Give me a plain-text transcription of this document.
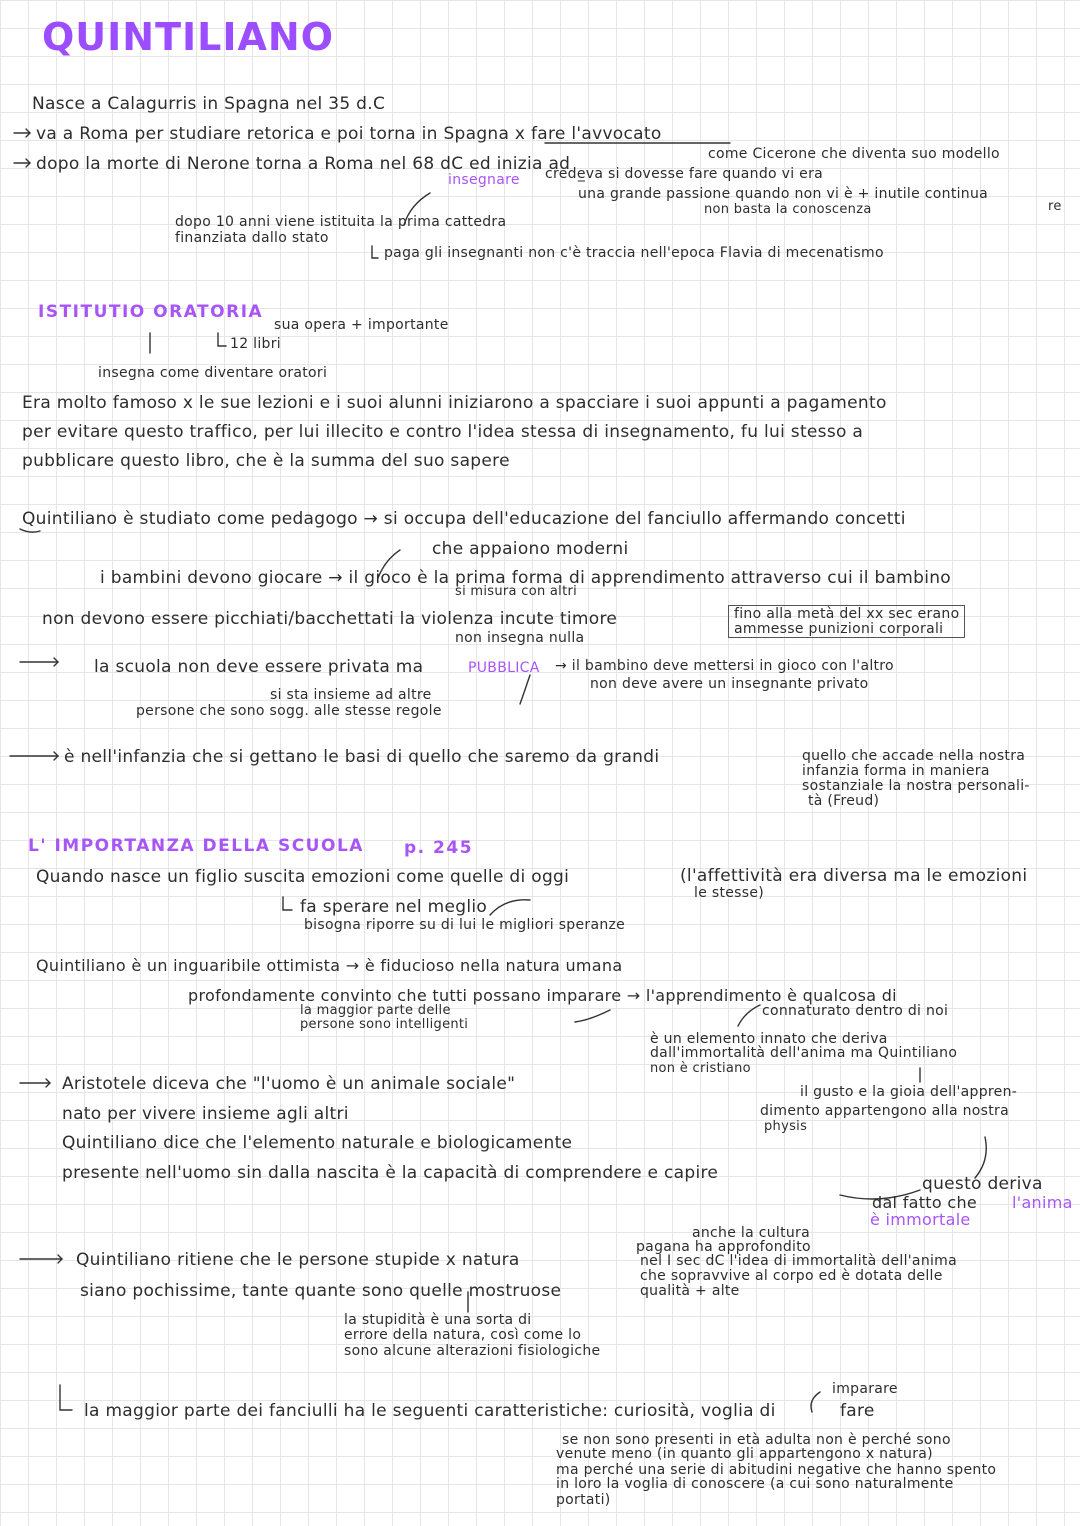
QUINTILIANO
Nasce a Calagurris in Spagna nel 35 d.C
va a Roma per studiare retorica e poi torna in Spagna x fare l'avvocato
dopo la morte di Nerone torna a Roma nel 68 dC ed inizia ad	come Cicerone che diventa suo modello
insegnare crede̲va si dovesse fare quando vi era
una grande passione quando non vi è + inutile continua
re
non basta la conoscenza
dopo 10 anni viene istituita la prima cattedra
finanziata dallo stato
paga gli insegnanti non c'è traccia nell'epoca Flavia di mecenatismo
ISTITUTIO ORATORIA
sua opera + importante
12 libri
insegna come diventare oratori
Era molto famoso x le sue lezioni e i suoi alunni iniziarono a spacciare i suoi appunti a pagamento
per evitare questo traffico, per lui illecito e contro l'idea stessa di insegnamento, fu lui stesso a
pubblicare questo libro, che è la summa del suo sapere
Quintiliano è studiato come pedagogo → si occupa dell'educazione del fanciullo affermando concetti
che appaiono moderni
i bambini devono giocare → il gioco è la prima forma di apprendimento attraverso cui il bambino
si misura con altri
non devono essere picchiati/bacchettati la violenza incute timore	fino alla metà del xx sec erano
ammesse punizioni corporali
non insegna nulla
la scuola non deve essere privata ma	PUBBLICA → il bambino deve mettersi in gioco con l'altro
non deve avere un insegnante privato
si sta insieme ad altre
persone che sono sogg. alle stesse regole
è nell'infanzia che si gettano le basi di quello che saremo da grandi	quello che accade nella nostra
infanzia forma in maniera
sostanziale la nostra personali-
tà (Freud)
L' IMPORTANZA DELLA SCUOLA p. 245
Quando nasce un figlio suscita emozioni come quelle di oggi	(l'affettività era diversa ma le emozioni
le stesse)
fa sperare nel meglio
bisogna riporre su di lui le migliori speranze
Quintiliano è un inguaribile ottimista → è fiducioso nella natura umana
profondamente convinto che tutti possano imparare → l'apprendimento è qualcosa di
connaturato dentro di noi
la maggior parte delle
persone sono intelligenti
è un elemento innato che deriva
dall'immortalità dell'anima ma Quintiliano
non è cristiano
Aristotele diceva che "l'uomo è un animale sociale"	il gusto e la gioia dell'appren-
dimento appartengono alla nostra
physis
nato per vivere insieme agli altri
Quintiliano dice che l'elemento naturale e biologicamente
presente nell'uomo sin dalla nascita è la capacità di comprendere e capire
questo deriva
dal fatto che l'anima
è immortale
anche la cultura
pagana ha approfondito
nel I sec dC l'idea di immortalità dell'anima
che sopravvive al corpo ed è dotata delle
qualità + alte
Quintiliano ritiene che le persone stupide x natura
siano pochissime, tante quante sono quelle mostruose
la stupidità è una sorta di
errore della natura, così come lo
sono alcune alterazioni fisiologiche
imparare
la maggior parte dei fanciulli ha le seguenti caratteristiche: curiosità, voglia di	fare
se non sono presenti in età adulta non è perché sono
venute meno (in quanto gli appartengono x natura)
ma perché una serie di abitudini negative che hanno spento
in loro la voglia di conoscere (a cui sono naturalmente
portati)
